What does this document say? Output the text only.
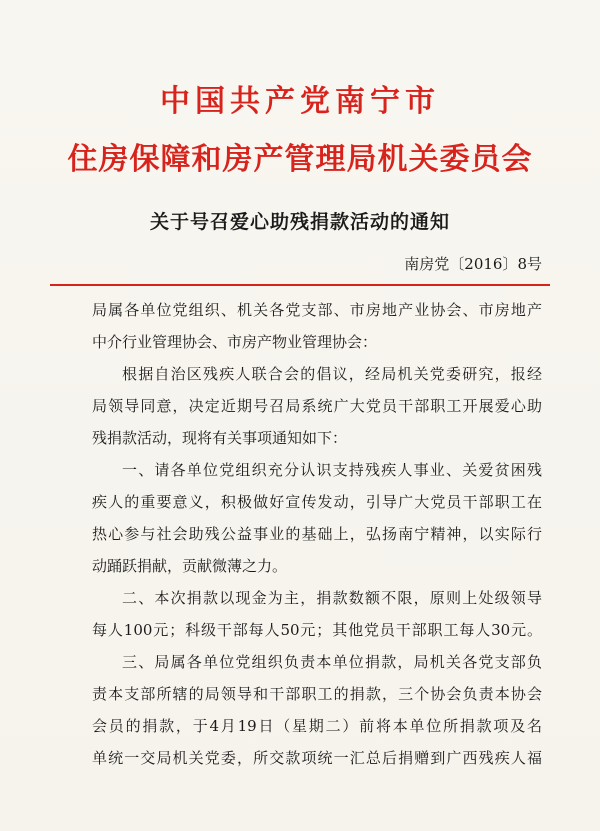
中国共产党南宁市
住房保障和房产管理局机关委员会
关于号召爱心助残捐款活动的通知
南房党〔2016〕8号
局属各单位党组织、机关各党支部、市房地产业协会、市房地产
中介行业管理协会、市房产物业管理协会：
根据自治区残疾人联合会的倡议，经局机关党委研究，报经
局领导同意，决定近期号召局系统广大党员干部职工开展爱心助
残捐款活动，现将有关事项通知如下：
一、请各单位党组织充分认识支持残疾人事业、关爱贫困残
疾人的重要意义，积极做好宣传发动，引导广大党员干部职工在
热心参与社会助残公益事业的基础上，弘扬南宁精神，以实际行
动踊跃捐献，贡献微薄之力。
二、本次捐款以现金为主，捐款数额不限，原则上处级领导
每人100元；科级干部每人50元；其他党员干部职工每人30元。
三、局属各单位党组织负责本单位捐款，局机关各党支部负
责本支部所辖的局领导和干部职工的捐款，三个协会负责本协会
会员的捐款，于4月19日（星期二）前将本单位所捐款项及名
单统一交局机关党委，所交款项统一汇总后捐赠到广西残疾人福
